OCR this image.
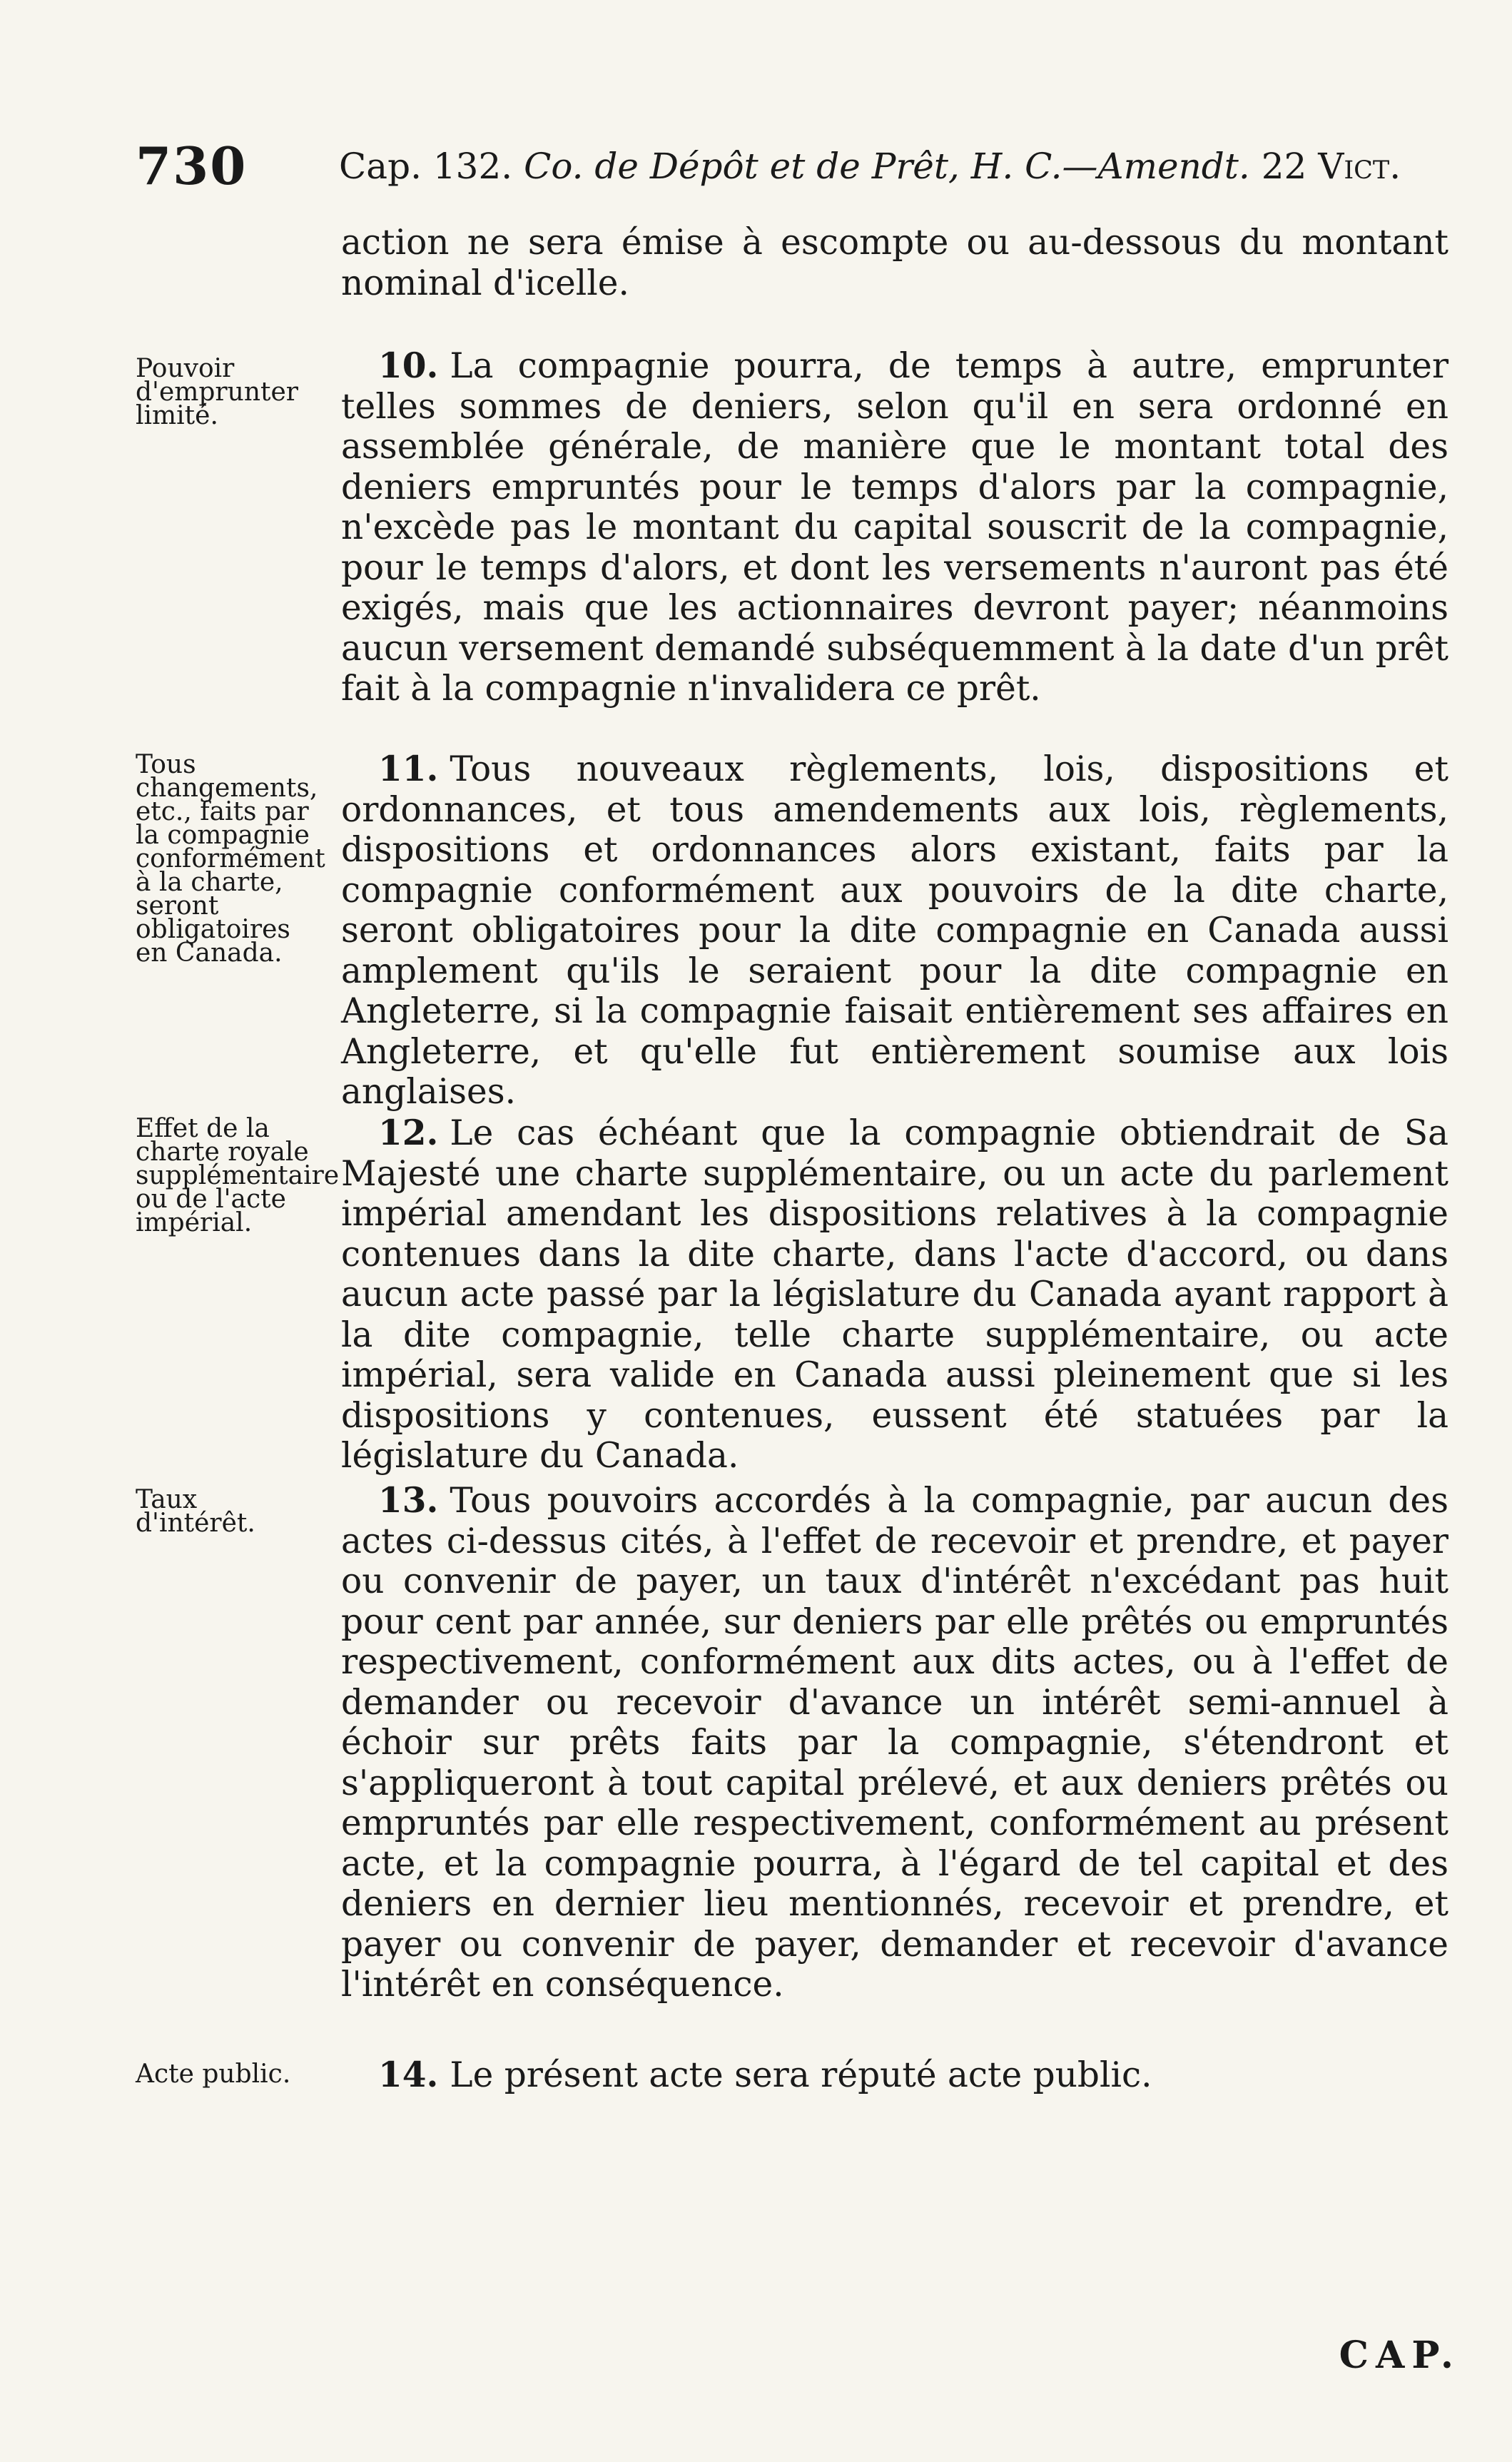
730	Cap. 132. Co. de Dépôt et de Prêt, H. C.—Amendt. 22 Vict.

action ne sera émise à escompte ou au-dessous du montant nominal d'icelle.

Pouvoir d'emprunter limité.

10. La compagnie pourra, de temps à autre, emprunter telles sommes de deniers, selon qu'il en sera ordonné en assemblée générale, de manière que le montant total des deniers empruntés pour le temps d'alors par la compagnie, n'excède pas le montant du capital souscrit de la compagnie, pour le temps d'alors, et dont les versements n'auront pas été exigés, mais que les actionnaires devront payer; néanmoins aucun versement demandé subséquemment à la date d'un prêt fait à la compagnie n'invalidera ce prêt.

Tous changements, etc., faits par la compagnie conformément à la charte, seront obligatoires en Canada.

11. Tous nouveaux règlements, lois, dispositions et ordonnances, et tous amendements aux lois, règlements, dispositions et ordonnances alors existant, faits par la compagnie conformément aux pouvoirs de la dite charte, seront obligatoires pour la dite compagnie en Canada aussi amplement qu'ils le seraient pour la dite compagnie en Angleterre, si la compagnie faisait entièrement ses affaires en Angleterre, et qu'elle fut entièrement soumise aux lois anglaises.

Effet de la charte royale supplémentaire ou de l'acte impérial.

12. Le cas échéant que la compagnie obtiendrait de Sa Majesté une charte supplémentaire, ou un acte du parlement impérial amendant les dispositions relatives à la compagnie contenues dans la dite charte, dans l'acte d'accord, ou dans aucun acte passé par la législature du Canada ayant rapport à la dite compagnie, telle charte supplémentaire, ou acte impérial, sera valide en Canada aussi pleinement que si les dispositions y contenues, eussent été statuées par la législature du Canada.

Taux d'intérêt.

13. Tous pouvoirs accordés à la compagnie, par aucun des actes ci-dessus cités, à l'effet de recevoir et prendre, et payer ou convenir de payer, un taux d'intérêt n'excédant pas huit pour cent par année, sur deniers par elle prêtés ou empruntés respectivement, conformément aux dits actes, ou à l'effet de demander ou recevoir d'avance un intérêt semi-annuel à échoir sur prêts faits par la compagnie, s'étendront et s'appliqueront à tout capital prélevé, et aux deniers prêtés ou empruntés par elle respectivement, conformément au présent acte, et la compagnie pourra, à l'égard de tel capital et des deniers en dernier lieu mentionnés, recevoir et prendre, et payer ou convenir de payer, demander et recevoir d'avance l'intérêt en conséquence.

Acte public.	14. Le présent acte sera réputé acte public.

CAP.
